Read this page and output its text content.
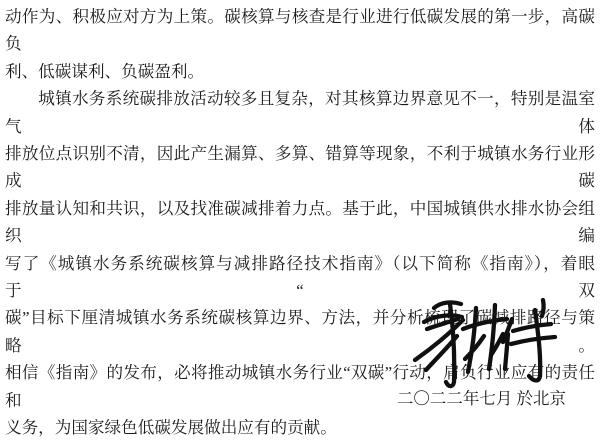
动作为、积极应对方为上策。碳核算与核查是行业进行低碳发展的第一步，高碳负

利、低碳谋利、负碳盈利。

城镇水务系统碳排放活动较多且复杂，对其核算边界意见不一，特别是温室气体

排放位点识别不清，因此产生漏算、多算、错算等现象，不利于城镇水务行业形成碳

排放量认知和共识，以及找准碳减排着力点。基于此，中国城镇供水排水协会组织编

写了《城镇水务系统碳核算与减排路径技术指南》（以下简称《指南》），着眼于“双

碳”目标下厘清城镇水务系统碳核算边界、方法，并分析梳理了碳减排路径与策略。

相信《指南》的发布，必将推动城镇水务行业“双碳”行动，肩负行业应有的责任和

义务，为国家绿色低碳发展做出应有的贡献。

二〇二二年七月 於北京
